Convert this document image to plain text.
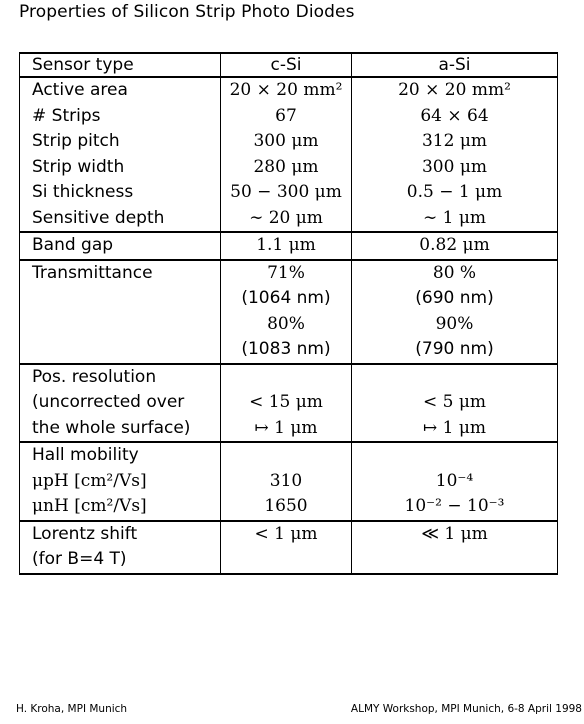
Properties of Silicon Strip Photo Diodes
Sensor type	c-Si	a-Si
Active area	20 × 20 mm²	20 × 20 mm²
# Strips	67	64 × 64
Strip pitch	300 μm	312 μm
Strip width	280 μm	300 μm
Si thickness	50 − 300 μm	0.5 − 1 μm
Sensitive depth	∼ 20 μm	∼ 1 μm
Band gap	1.1 μm	0.82 μm
Transmittance	71%	80 %
	(1064 nm)	(690 nm)
	80%	90%
	(1083 nm)	(790 nm)
Pos. resolution		
(uncorrected over	< 15 μm	< 5 μm
the whole surface)	↦ 1 μm	↦ 1 μm
Hall mobility		
μpH [cm²/Vs]	310	10⁻⁴
μnH [cm²/Vs]	1650	10⁻² − 10⁻³
Lorentz shift	< 1 μm	≪ 1 μm
(for B=4 T)		
H. Kroha, MPI Munich	ALMY Workshop, MPI Munich, 6-8 April 1998
